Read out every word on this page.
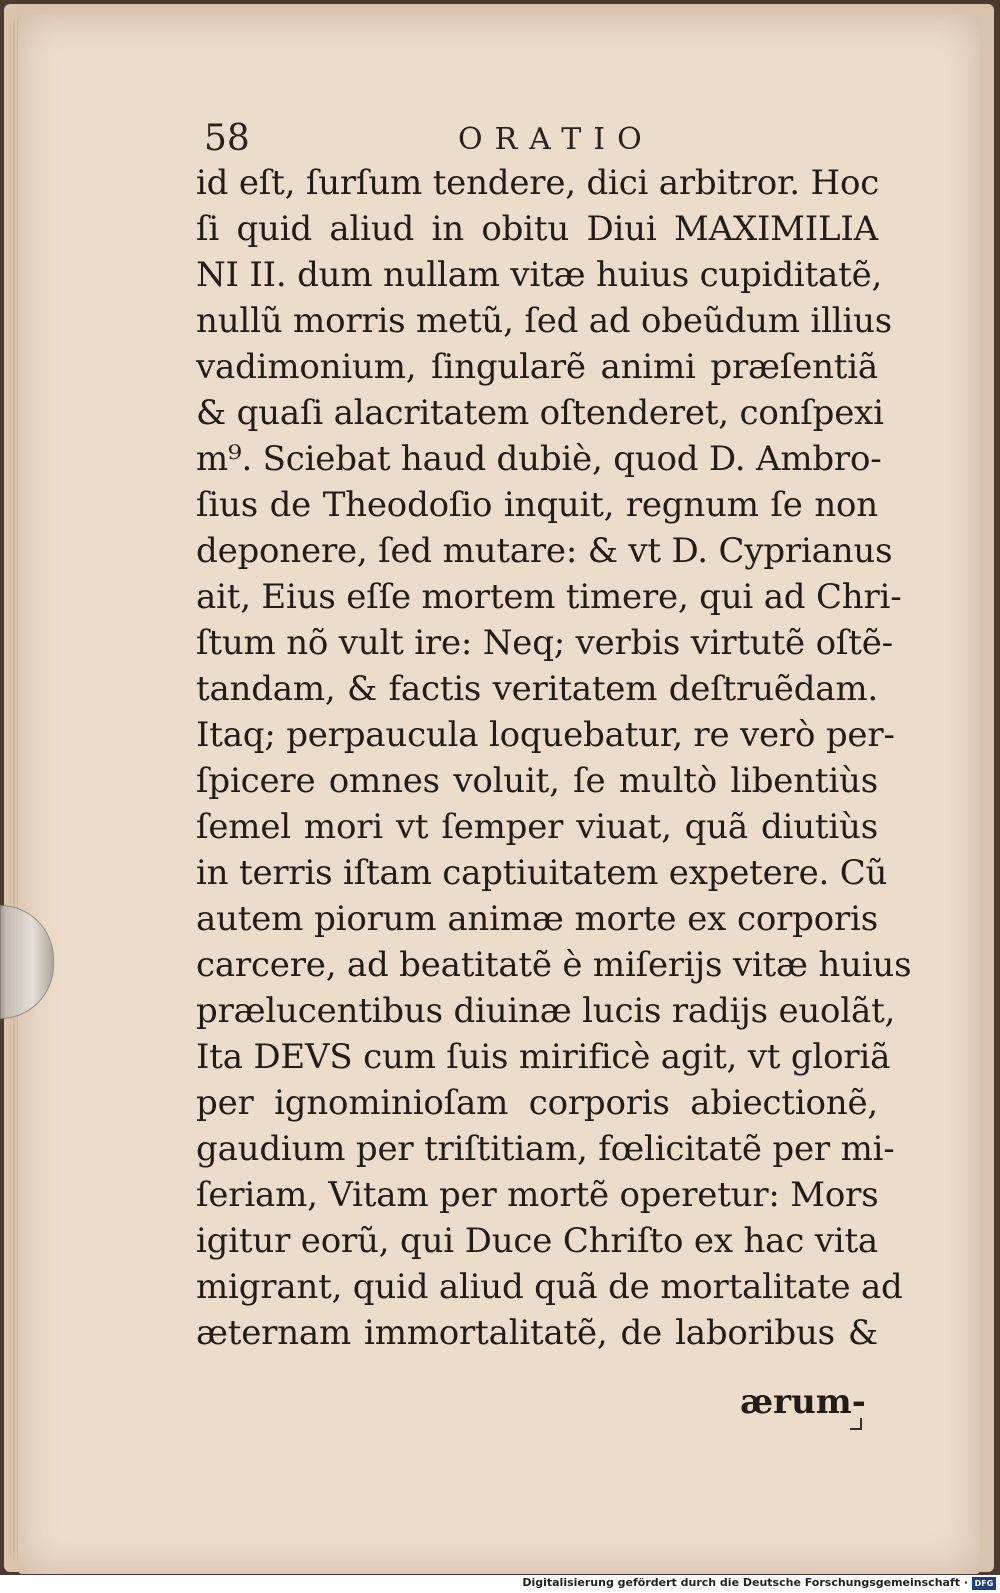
58	ORATIO
id eſt, ſurſum tendere, dici arbitror. Hoc
ſi quid aliud in obitu Diui MAXIMILIA
NI II. dum nullam vitæ huius cupiditatẽ,
nullũ morris metũ, ſed ad obeũdum illius
vadimonium, ſingularẽ animi præſentiã
& quaſi alacritatem oſtenderet, conſpexi
m⁹. Sciebat haud dubiè, quod D. Ambro-
ſius de Theodoſio inquit, regnum ſe non
deponere, ſed mutare: & vt D. Cyprianus
ait, Eius eſſe mortem timere, qui ad Chri-
ſtum nõ vult ire: Neq; verbis virtutẽ oſtẽ-
tandam, & factis veritatem deſtruẽdam.
Itaq; perpaucula loquebatur, re verò per-
ſpicere omnes voluit, ſe multò libentiùs
ſemel mori vt ſemper viuat, quã diutiùs
in terris iſtam captiuitatem expetere. Cũ
autem piorum animæ morte ex corporis
carcere, ad beatitatẽ è miſerijs vitæ huius
prælucentibus diuinæ lucis radijs euolãt,
Ita DEVS cum ſuis mirificè agit, vt gloriã
per ignominioſam corporis abiectionẽ,
gaudium per triſtitiam, fœlicitatẽ per mi-
ſeriam, Vitam per mortẽ operetur: Mors
igitur eorũ, qui Duce Chriſto ex hac vita
migrant, quid aliud quã de mortalitate ad
æternam immortalitatẽ, de laboribus &
ærum-
Digitalisierung gefördert durch die Deutsche Forschungsgemeinschaft · DFG
